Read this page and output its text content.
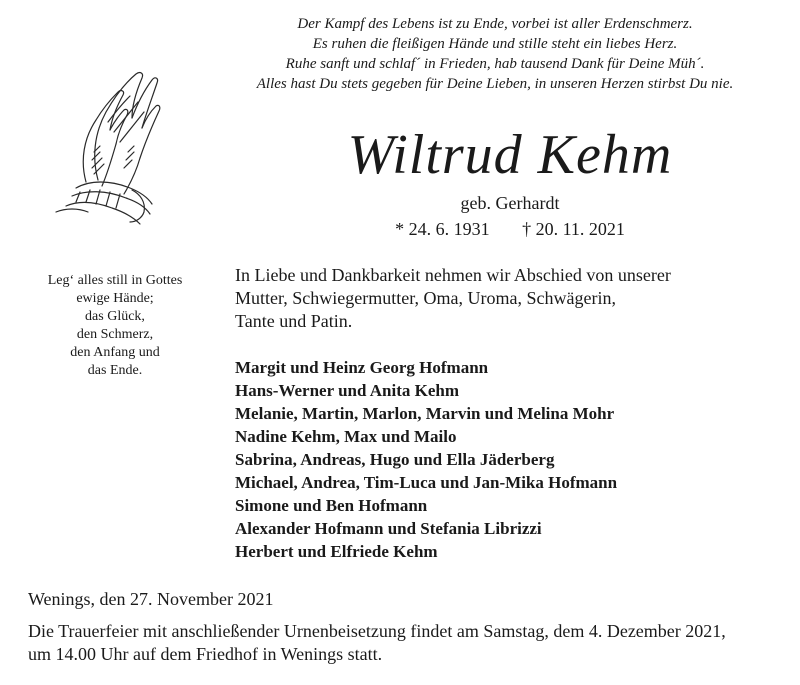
Der Kampf des Lebens ist zu Ende, vorbei ist aller Erdenschmerz.
Es ruhen die fleißigen Hände und stille steht ein liebes Herz.
Ruhe sanft und schlaf´ in Frieden, hab tausend Dank für Deine Müh´.
Alles hast Du stets gegeben für Deine Lieben, in unseren Herzen stirbst Du nie.
Wiltrud Kehm
geb. Gerhardt
* 24. 6. 1931 † 20. 11. 2021
Leg‘ alles still in Gottes
ewige Hände;
das Glück,
den Schmerz,
den Anfang und
das Ende.
In Liebe und Dankbarkeit nehmen wir Abschied von unserer
Mutter, Schwiegermutter, Oma, Uroma, Schwägerin,
Tante und Patin.
Margit und Heinz Georg Hofmann
Hans-Werner und Anita Kehm
Melanie, Martin, Marlon, Marvin und Melina Mohr
Nadine Kehm, Max und Mailo
Sabrina, Andreas, Hugo und Ella Jäderberg
Michael, Andrea, Tim-Luca und Jan-Mika Hofmann
Simone und Ben Hofmann
Alexander Hofmann und Stefania Librizzi
Herbert und Elfriede Kehm
Wenings, den 27. November 2021
Die Trauerfeier mit anschließender Urnenbeisetzung findet am Samstag, dem 4. Dezember 2021,
um 14.00 Uhr auf dem Friedhof in Wenings statt.
